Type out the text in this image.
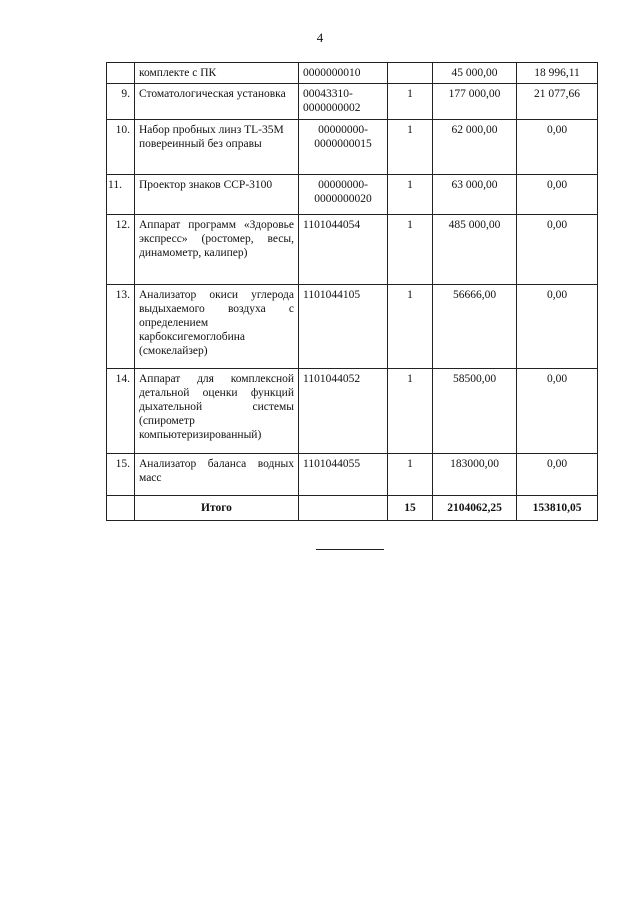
4
	комплекте с ПК	0000000010		45 000,00	18 996,11
9.	Стоматологическая установка	00043310-0000000002	1	177 000,00	21 077,66
10.	Набор пробных линз TL-35M повереинный без оправы	00000000-0000000015	1	62 000,00	0,00
11.	Проектор знаков CCP-3100	00000000-0000000020	1	63 000,00	0,00
12.	Аппарат программ «Здоровье экспресс» (ростомер, весы, динамометр, калипер)	1101044054	1	485 000,00	0,00
13.	Анализатор окиси углерода выдыхаемого воздуха с определением карбоксигемоглобина (смокелайзер)	1101044105	1	56666,00	0,00
14.	Аппарат для комплексной детальной оценки функций дыхательной системы (спирометр компьютеризированный)	1101044052	1	58500,00	0,00
15.	Анализатор баланса водных масс	1101044055	1	183000,00	0,00
	Итого		15	2104062,25	153810,05
